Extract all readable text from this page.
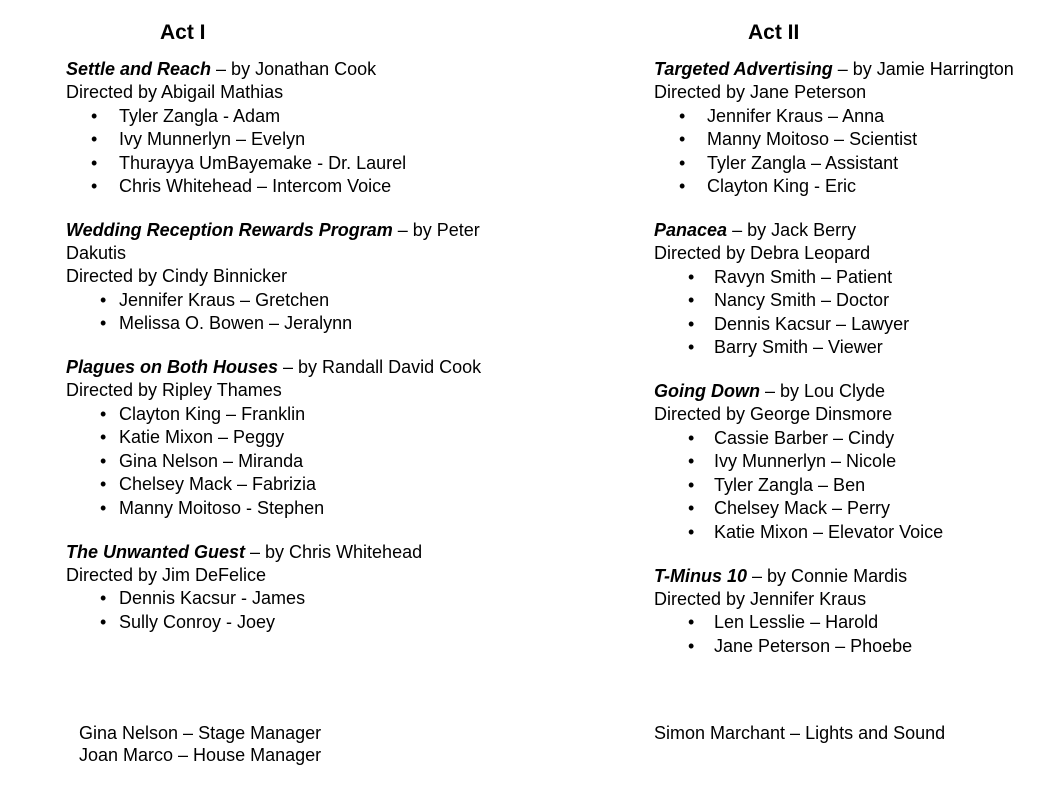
Act I	Act II
Settle and Reach – by Jonathan Cook
Directed by Abigail Mathias
• Tyler Zangla - Adam
• Ivy Munnerlyn – Evelyn
• Thurayya UmBayemake - Dr. Laurel
• Chris Whitehead – Intercom Voice
Wedding Reception Rewards Program – by Peter Dakutis
Directed by Cindy Binnicker
• Jennifer Kraus – Gretchen
• Melissa O. Bowen – Jeralynn
Plagues on Both Houses – by Randall David Cook
Directed by Ripley Thames
• Clayton King – Franklin
• Katie Mixon – Peggy
• Gina Nelson – Miranda
• Chelsey Mack – Fabrizia
• Manny Moitoso - Stephen
The Unwanted Guest – by Chris Whitehead
Directed by Jim DeFelice
• Dennis Kacsur - James
• Sully Conroy - Joey
Targeted Advertising – by Jamie Harrington
Directed by Jane Peterson
• Jennifer Kraus – Anna
• Manny Moitoso – Scientist
• Tyler Zangla – Assistant
• Clayton King - Eric
Panacea – by Jack Berry
Directed by Debra Leopard
• Ravyn Smith – Patient
• Nancy Smith – Doctor
• Dennis Kacsur – Lawyer
• Barry Smith – Viewer
Going Down – by Lou Clyde
Directed by George Dinsmore
• Cassie Barber – Cindy
• Ivy Munnerlyn – Nicole
• Tyler Zangla – Ben
• Chelsey Mack – Perry
• Katie Mixon – Elevator Voice
T-Minus 10 – by Connie Mardis
Directed by Jennifer Kraus
• Len Lesslie – Harold
• Jane Peterson – Phoebe
Gina Nelson – Stage Manager
Joan Marco – House Manager
Simon Marchant – Lights and Sound
